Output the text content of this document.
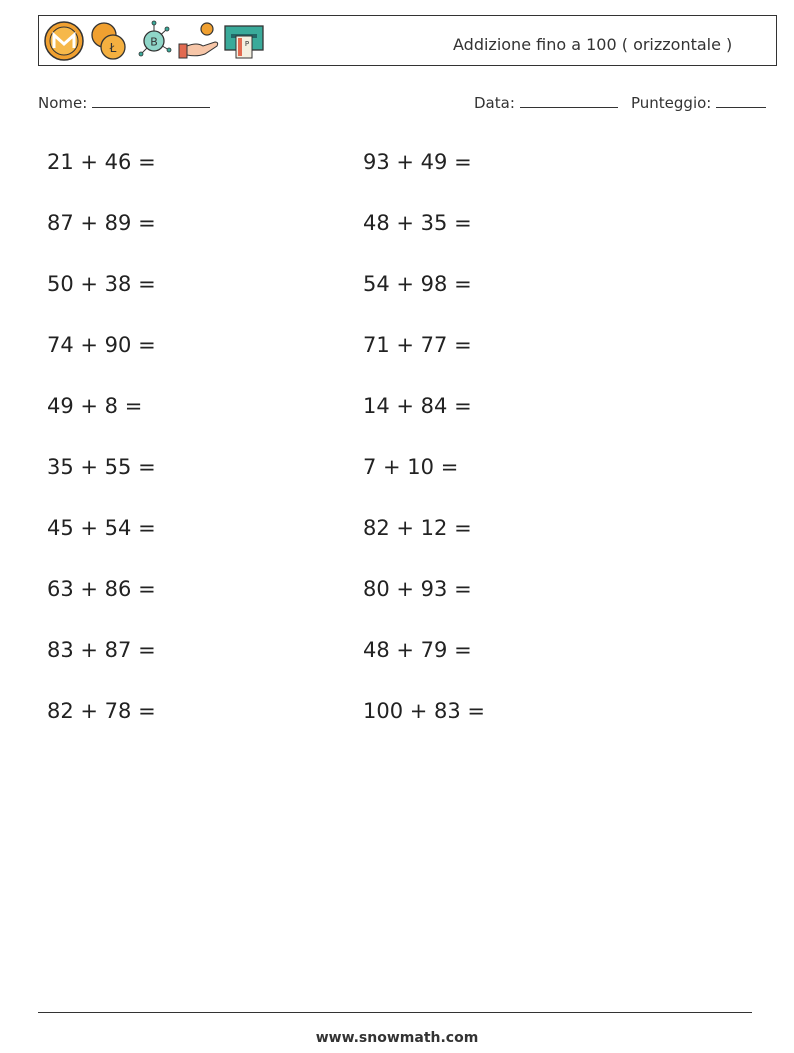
Ł	B	P	Addizione fino a 100 ( orizzontale )
Nome:	Data:	Punteggio:
21 + 46 =
87 + 89 =
50 + 38 =
74 + 90 =
49 + 8 =
35 + 55 =
45 + 54 =
63 + 86 =
83 + 87 =
82 + 78 =
93 + 49 =
48 + 35 =
54 + 98 =
71 + 77 =
14 + 84 =
7 + 10 =
82 + 12 =
80 + 93 =
48 + 79 =
100 + 83 =
www.snowmath.com
